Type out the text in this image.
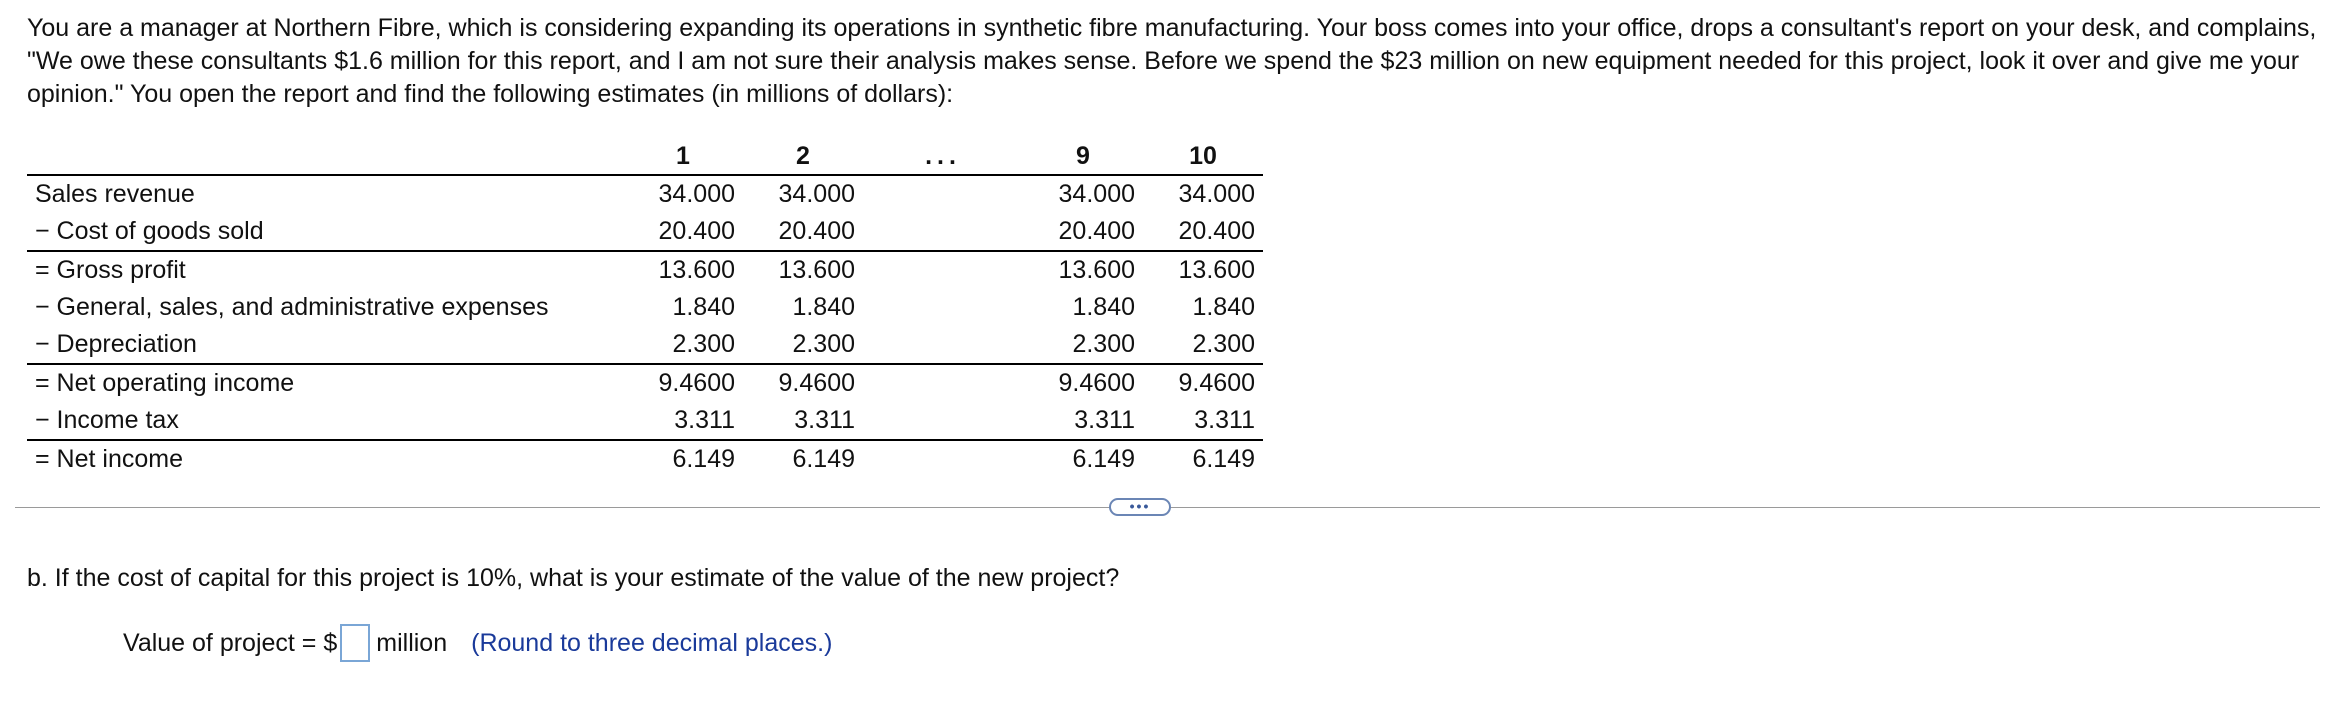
You are a manager at Northern Fibre, which is considering expanding its operations in synthetic fibre manufacturing. Your boss comes into your office, drops a consultant's report on your desk, and complains, "We owe these consultants $1.6 million for this report, and I am not sure their analysis makes sense. Before we spend the $23 million on new equipment needed for this project, look it over and give me your opinion." You open the report and find the following estimates (in millions of dollars):

	1	2	...	9	10
Sales revenue	34.000	34.000		34.000	34.000
− Cost of goods sold	20.400	20.400		20.400	20.400
= Gross profit	13.600	13.600		13.600	13.600
− General, sales, and administrative expenses	1.840	1.840		1.840	1.840
− Depreciation	2.300	2.300		2.300	2.300
= Net operating income	9.4600	9.4600		9.4600	9.4600
− Income tax	3.311	3.311		3.311	3.311
= Net income	6.149	6.149		6.149	6.149
•••

b. If the cost of capital for this project is 10%, what is your estimate of the value of the new project?

Value of project = $ million (Round to three decimal places.)
